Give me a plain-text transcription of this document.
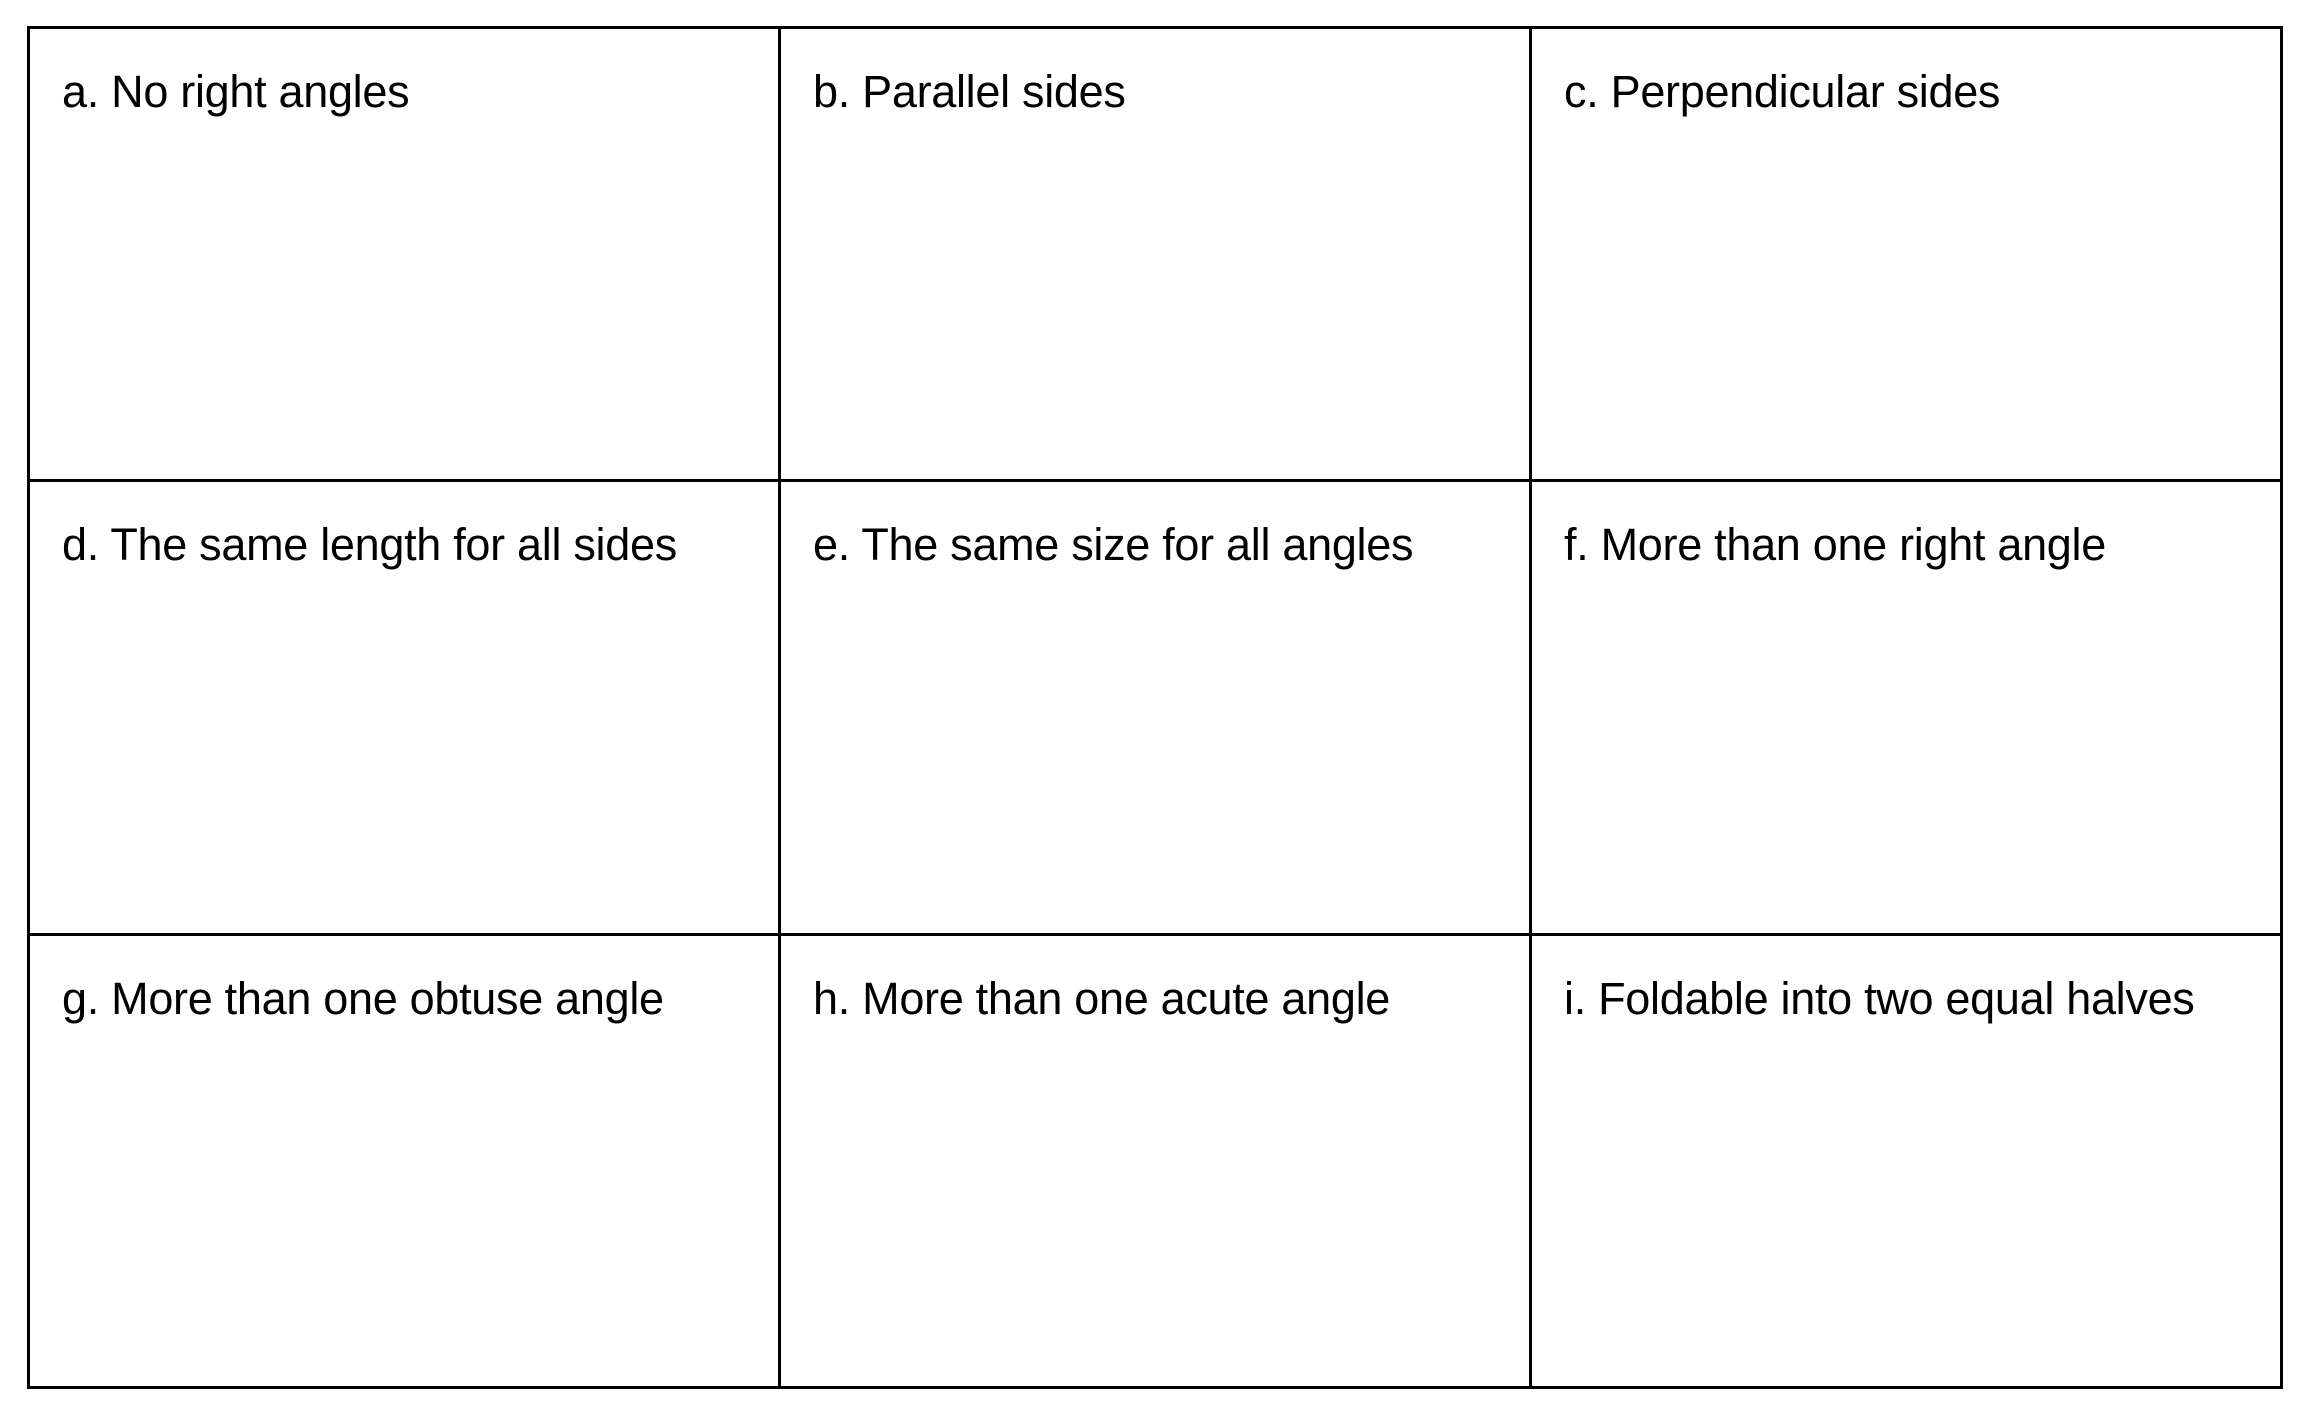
a. No right angles	b. Parallel sides	c. Perpendicular sides

d. The same length for all sides	e. The same size for all angles	f. More than one right angle

g. More than one obtuse angle	h. More than one acute angle	i. Foldable into two equal halves
